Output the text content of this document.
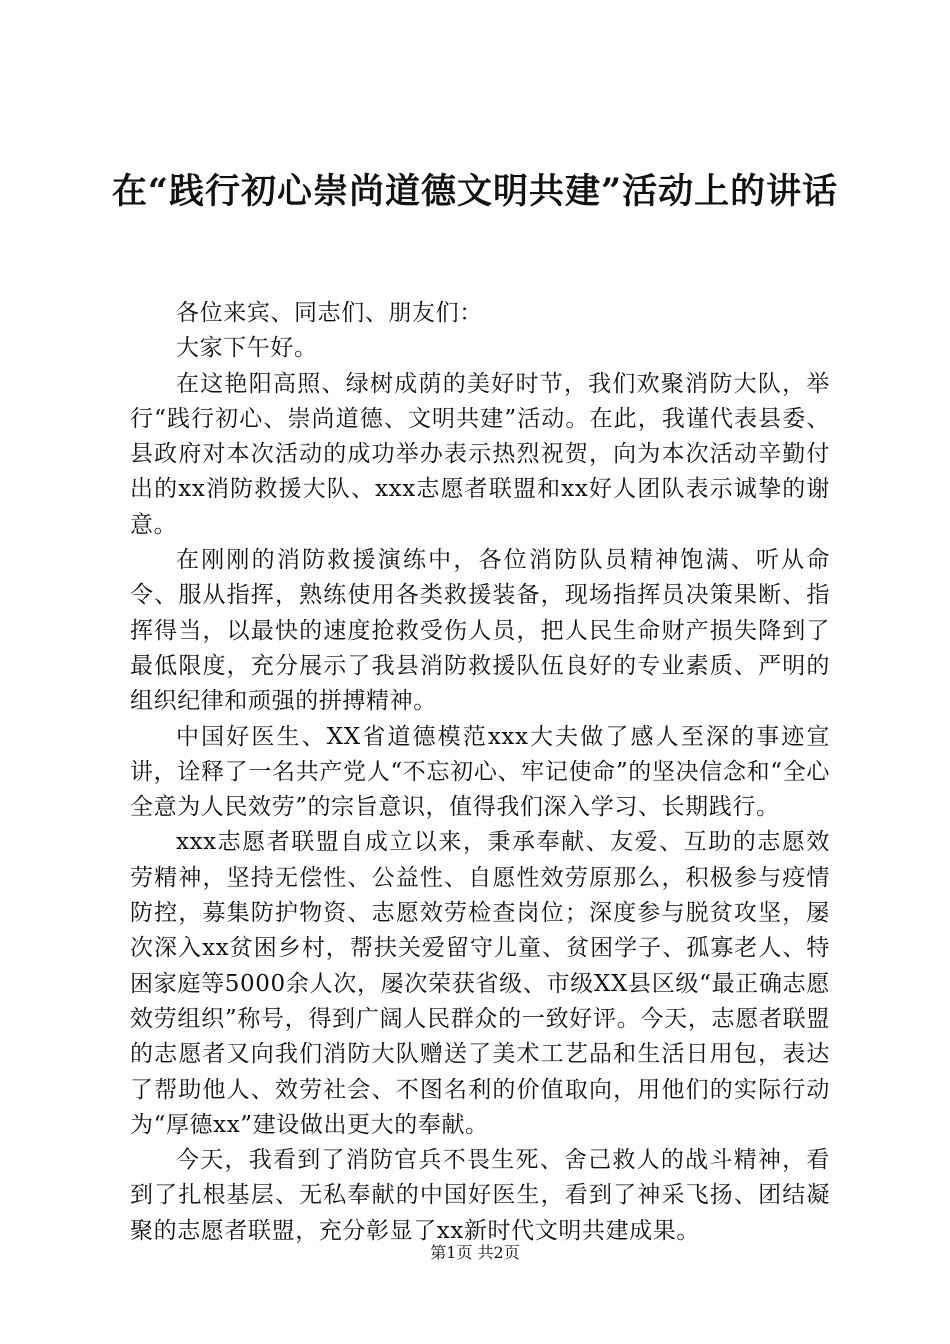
在“践行初心崇尚道德文明共建”活动上的讲话

各位来宾、同志们、朋友们：

大家下午好。

在这艳阳高照、绿树成荫的美好时节，我们欢聚消防大队，举行“践行初心、崇尚道德、文明共建”活动。在此，我谨代表县委、县政府对本次活动的成功举办表示热烈祝贺，向为本次活动辛勤付出的xx消防救援大队、xxx志愿者联盟和xx好人团队表示诚挚的谢意。

在刚刚的消防救援演练中，各位消防队员精神饱满、听从命令、服从指挥，熟练使用各类救援装备，现场指挥员决策果断、指挥得当，以最快的速度抢救受伤人员，把人民生命财产损失降到了最低限度，充分展示了我县消防救援队伍良好的专业素质、严明的组织纪律和顽强的拼搏精神。

中国好医生、XX省道德模范xxx大夫做了感人至深的事迹宣讲，诠释了一名共产党人“不忘初心、牢记使命”的坚决信念和“全心全意为人民效劳”的宗旨意识，值得我们深入学习、长期践行。

xxx志愿者联盟自成立以来，秉承奉献、友爱、互助的志愿效劳精神，坚持无偿性、公益性、自愿性效劳原那么，积极参与疫情防控，募集防护物资、志愿效劳检查岗位；深度参与脱贫攻坚，屡次深入xx贫困乡村，帮扶关爱留守儿童、贫困学子、孤寡老人、特困家庭等5000余人次，屡次荣获省级、市级XX县区级“最正确志愿效劳组织”称号，得到广阔人民群众的一致好评。今天，志愿者联盟的志愿者又向我们消防大队赠送了美术工艺品和生活日用包，表达了帮助他人、效劳社会、不图名利的价值取向，用他们的实际行动为“厚德xx”建设做出更大的奉献。

今天，我看到了消防官兵不畏生死、舍己救人的战斗精神，看到了扎根基层、无私奉献的中国好医生，看到了神采飞扬、团结凝聚的志愿者联盟，充分彰显了xx新时代文明共建成果。

第1页 共2页
